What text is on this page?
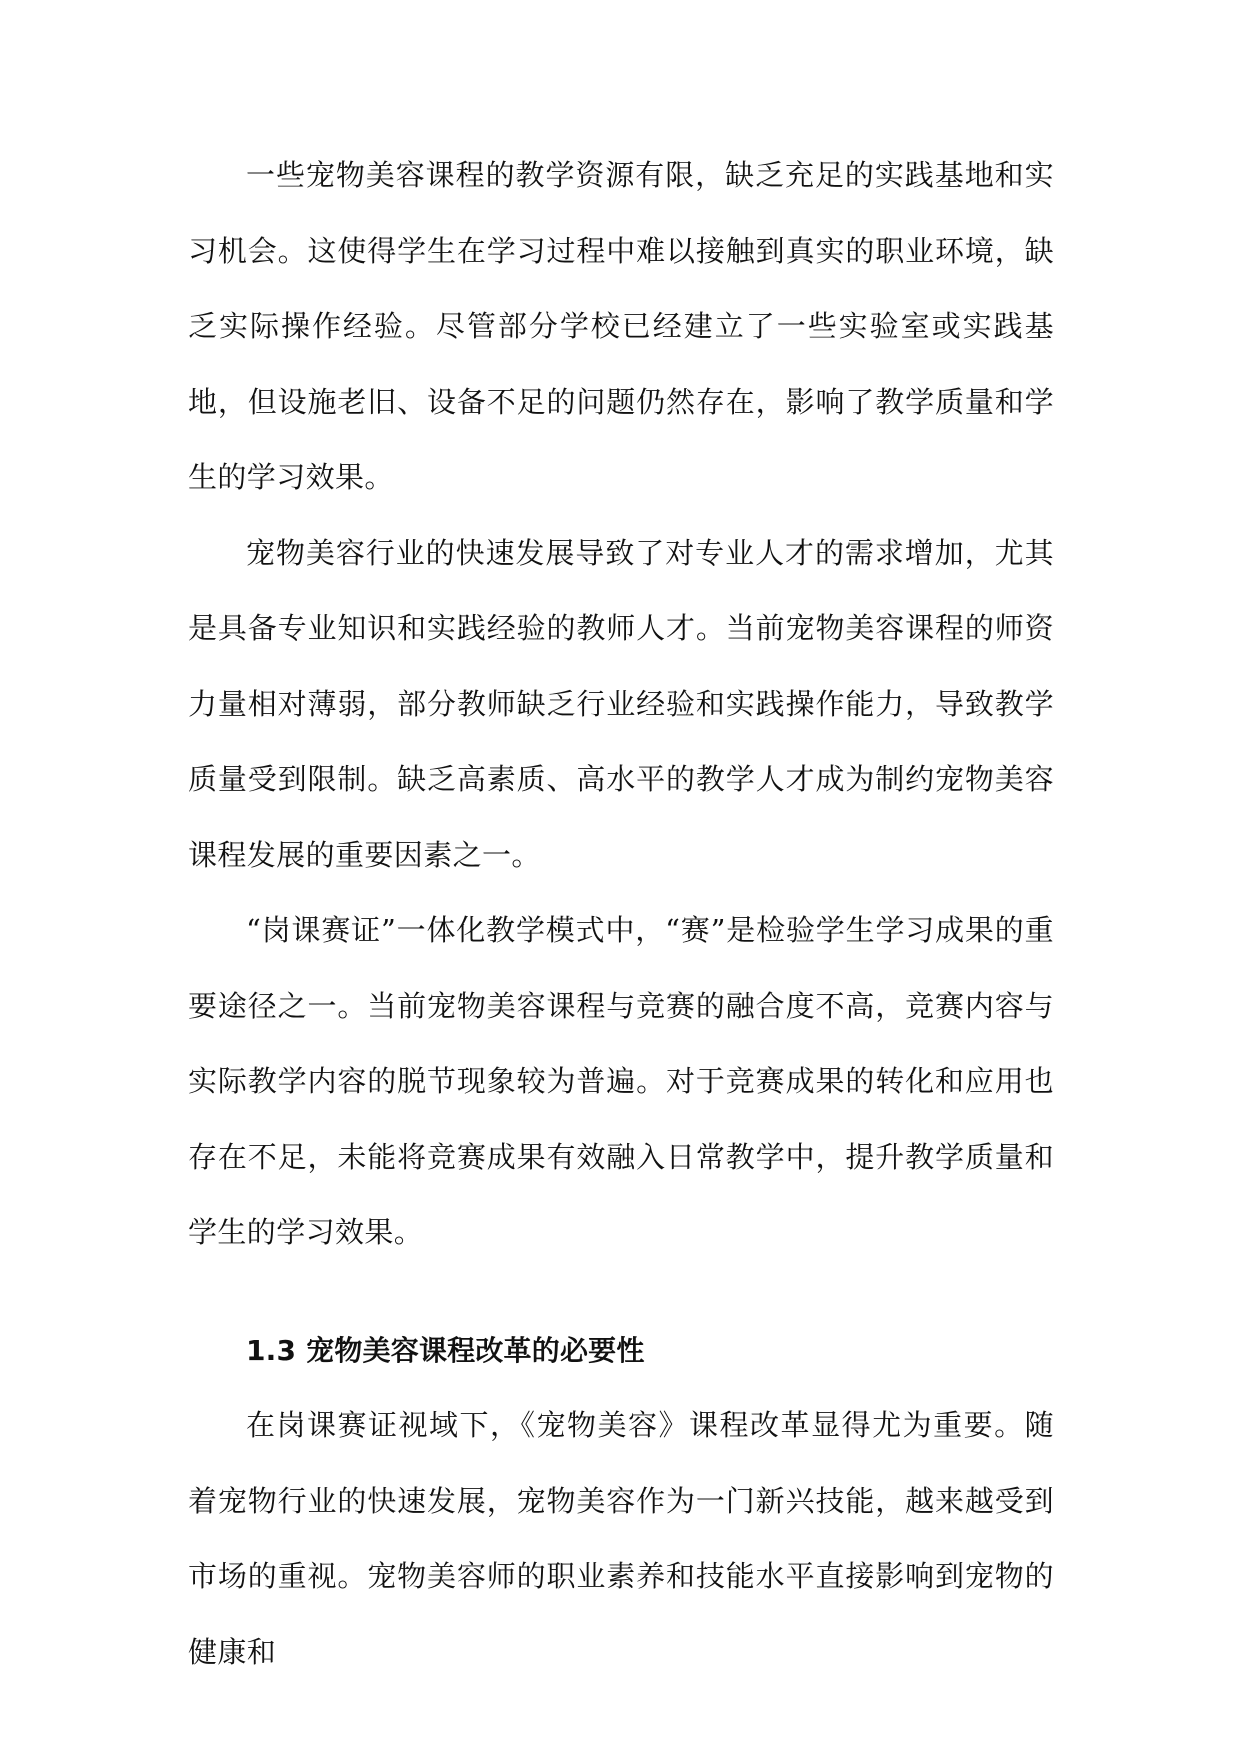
一些宠物美容课程的教学资源有限，缺乏充足的实践基地和实习机会。这使得学生在学习过程中难以接触到真实的职业环境，缺乏实际操作经验。尽管部分学校已经建立了一些实验室或实践基地，但设施老旧、设备不足的问题仍然存在，影响了教学质量和学生的学习效果。

宠物美容行业的快速发展导致了对专业人才的需求增加，尤其是具备专业知识和实践经验的教师人才。当前宠物美容课程的师资力量相对薄弱，部分教师缺乏行业经验和实践操作能力，导致教学质量受到限制。缺乏高素质、高水平的教学人才成为制约宠物美容课程发展的重要因素之一。

“岗课赛证”一体化教学模式中，“赛”是检验学生学习成果的重要途径之一。当前宠物美容课程与竞赛的融合度不高，竞赛内容与实际教学内容的脱节现象较为普遍。对于竞赛成果的转化和应用也存在不足，未能将竞赛成果有效融入日常教学中，提升教学质量和学生的学习效果。

1.3 宠物美容课程改革的必要性

在岗课赛证视域下，《宠物美容》课程改革显得尤为重要。随着宠物行业的快速发展，宠物美容作为一门新兴技能，越来越受到市场的重视。宠物美容师的职业素养和技能水平直接影响到宠物的健康和
